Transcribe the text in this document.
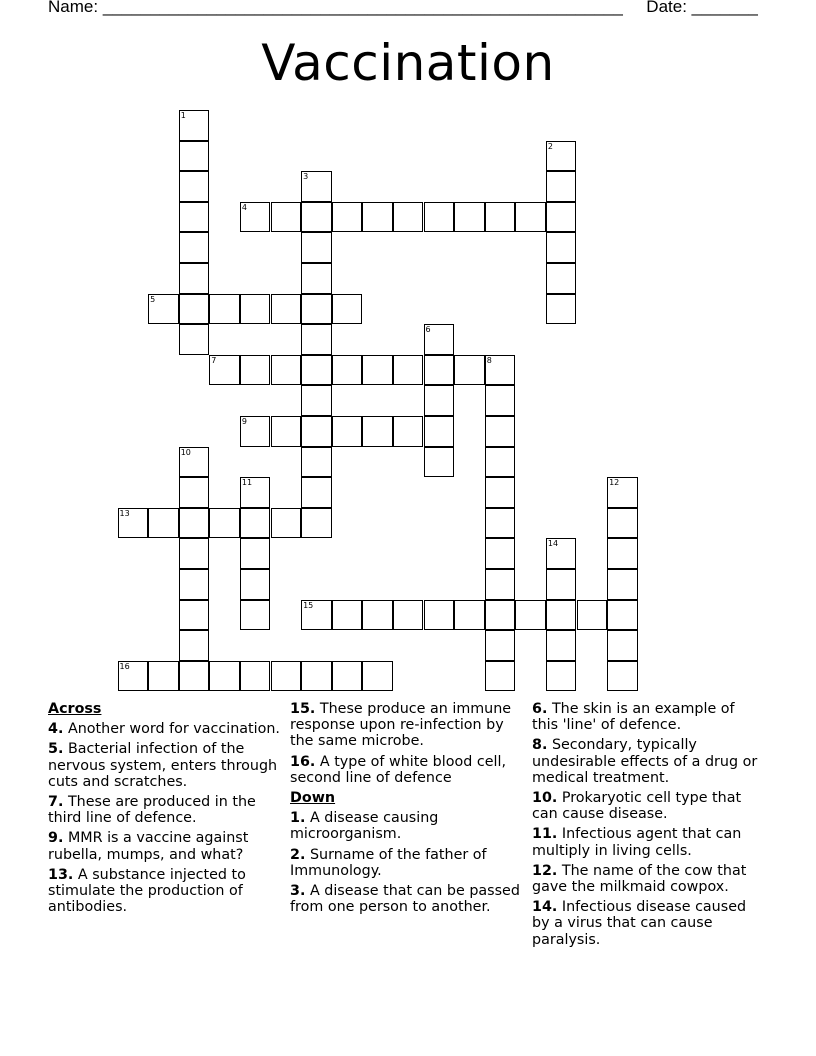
Name: _______________________________________________________ Date: _______
Vaccination
1
2
3
4
5
6
7	8
9
10
11	12
13
14
15
16
Across
4. Another word for vaccination.
5. Bacterial infection of the nervous system, enters through cuts and scratches.
7. These are produced in the third line of defence.
9. MMR is a vaccine against rubella, mumps, and what?
13. A substance injected to stimulate the production of antibodies.
15. These produce an immune response upon re-infection by the same microbe.
16. A type of white blood cell, second line of defence
Down
1. A disease causing microorganism.
2. Surname of the father of Immunology.
3. A disease that can be passed from one person to another.
6. The skin is an example of this 'line' of defence.
8. Secondary, typically undesirable effects of a drug or medical treatment.
10. Prokaryotic cell type that can cause disease.
11. Infectious agent that can multiply in living cells.
12. The name of the cow that gave the milkmaid cowpox.
14. Infectious disease caused by a virus that can cause paralysis.
